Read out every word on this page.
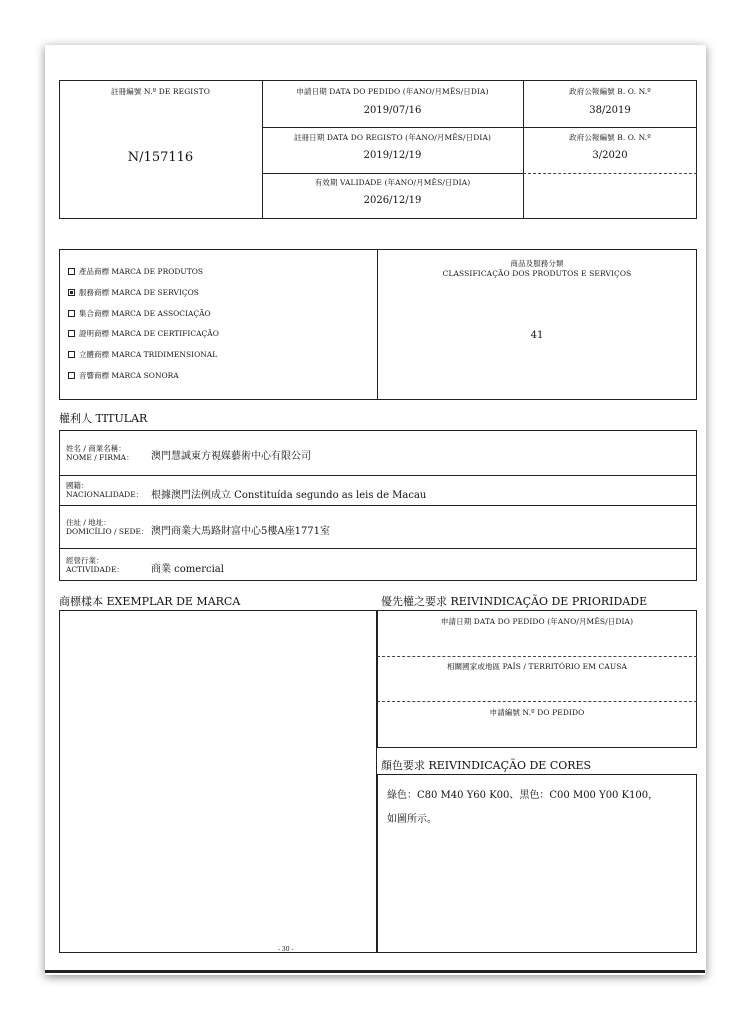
註冊編號 N.º DE REGISTO
N/157116
申請日期 DATA DO PEDIDO (年ANO/月MÊS/日DIA)
2019/07/16
政府公報編號 B. O. N.º
38/2019
註冊日期 DATA DO REGISTO (年ANO/月MÊS/日DIA)
2019/12/19
政府公報編號 B. O. N.º
3/2020
有效期 VALIDADE (年ANO/月MÊS/日DIA)
2026/12/19
產品商標 MARCA DE PRODUTOS
服務商標 MARCA DE SERVIÇOS
集合商標 MARCA DE ASSOCIAÇÃO
證明商標 MARCA DE CERTIFICAÇÃO
立體商標 MARCA TRIDIMENSIONAL
音響商標 MARCA SONORA
商品及服務分類
CLASSIFICAÇÃO DOS PRODUTOS E SERVIÇOS
41
權利人 TITULAR
姓名 / 商業名稱：
NOME / FIRMA： 澳門慧誠東方視媒藝術中心有限公司
國籍：
NACIONALIDADE： 根據澳門法例成立 Constituída segundo as leis de Macau
住址 / 地址：
DOMICÍLIO / SEDE： 澳門商業大馬路財富中心5樓A座1771室
經營行業：
ACTIVIDADE：	商業 comercial
商標樣本 EXEMPLAR DE MARCA
- 30 -
優先權之要求 REIVINDICAÇÃO DE PRIORIDADE
申請日期 DATA DO PEDIDO (年ANO/月MÊS/日DIA)
相關國家或地區 PAÍS / TERRITÓRIO EM CAUSA
申請編號 N.º DO PEDIDO
顏色要求 REIVINDICAÇÃO DE CORES
綠色：C80 M40 Y60 K00、黑色：C00 M00 Y00 K100，
如圖所示。
